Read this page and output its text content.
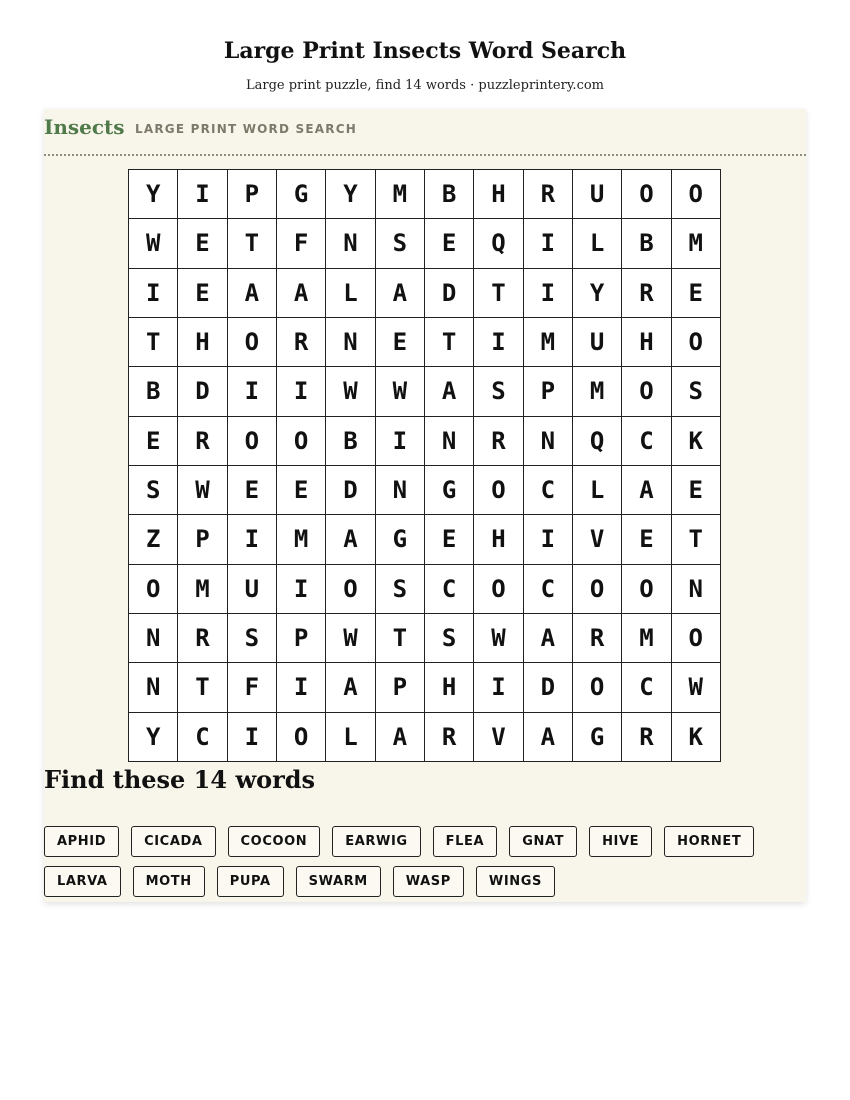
Large Print Insects Word Search

Large print puzzle, find 14 words · puzzleprintery.com

Insects LARGE PRINT WORD SEARCH
Y	I	P	G	Y	M	B	H	R	U	O	O
W	E	T	F	N	S	E	Q	I	L	B	M
I	E	A	A	L	A	D	T	I	Y	R	E
T	H	O	R	N	E	T	I	M	U	H	O
B	D	I	I	W	W	A	S	P	M	O	S
E	R	O	O	B	I	N	R	N	Q	C	K
S	W	E	E	D	N	G	O	C	L	A	E
Z	P	I	M	A	G	E	H	I	V	E	T
O	M	U	I	O	S	C	O	C	O	O	N
N	R	S	P	W	T	S	W	A	R	M	O
N	T	F	I	A	P	H	I	D	O	C	W
Y	C	I	O	L	A	R	V	A	G	R	K
Find these 14 words
APHID	CICADA	COCOON	EARWIG	FLEA	GNAT	HIVE	HORNET
LARVA	MOTH	PUPA	SWARM	WASP	WINGS
